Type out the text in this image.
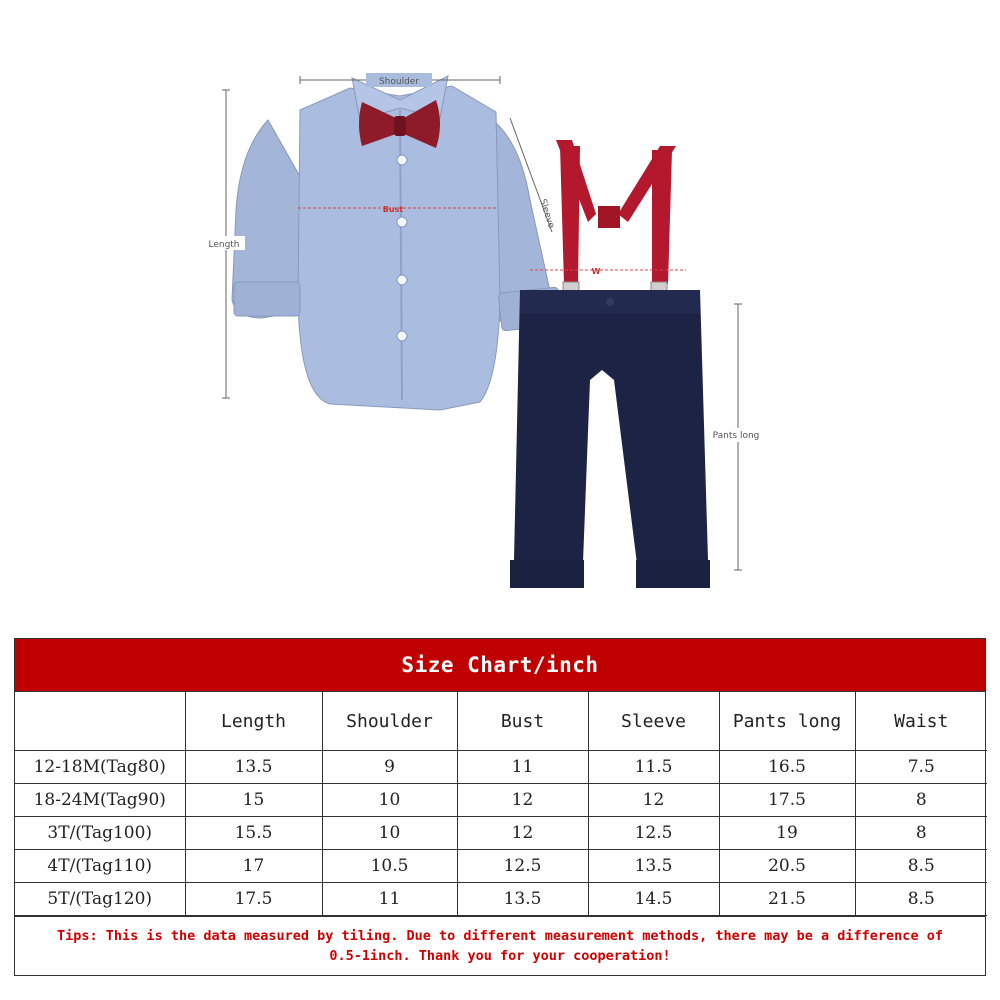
Shoulder
Length
Bust	Sleeve
W
Pants long
Size Chart/inch
	Length	Shoulder	Bust	Sleeve	Pants long	Waist
12-18M(Tag80)	13.5	9	11	11.5	16.5	7.5
18-24M(Tag90)	15	10	12	12	17.5	8
3T/(Tag100)	15.5	10	12	12.5	19	8
4T/(Tag110)	17	10.5	12.5	13.5	20.5	8.5
5T/(Tag120)	17.5	11	13.5	14.5	21.5	8.5
Tips: This is the data measured by tiling. Due to different measurement methods, there may be a difference of 0.5-1inch. Thank you for your cooperation!
